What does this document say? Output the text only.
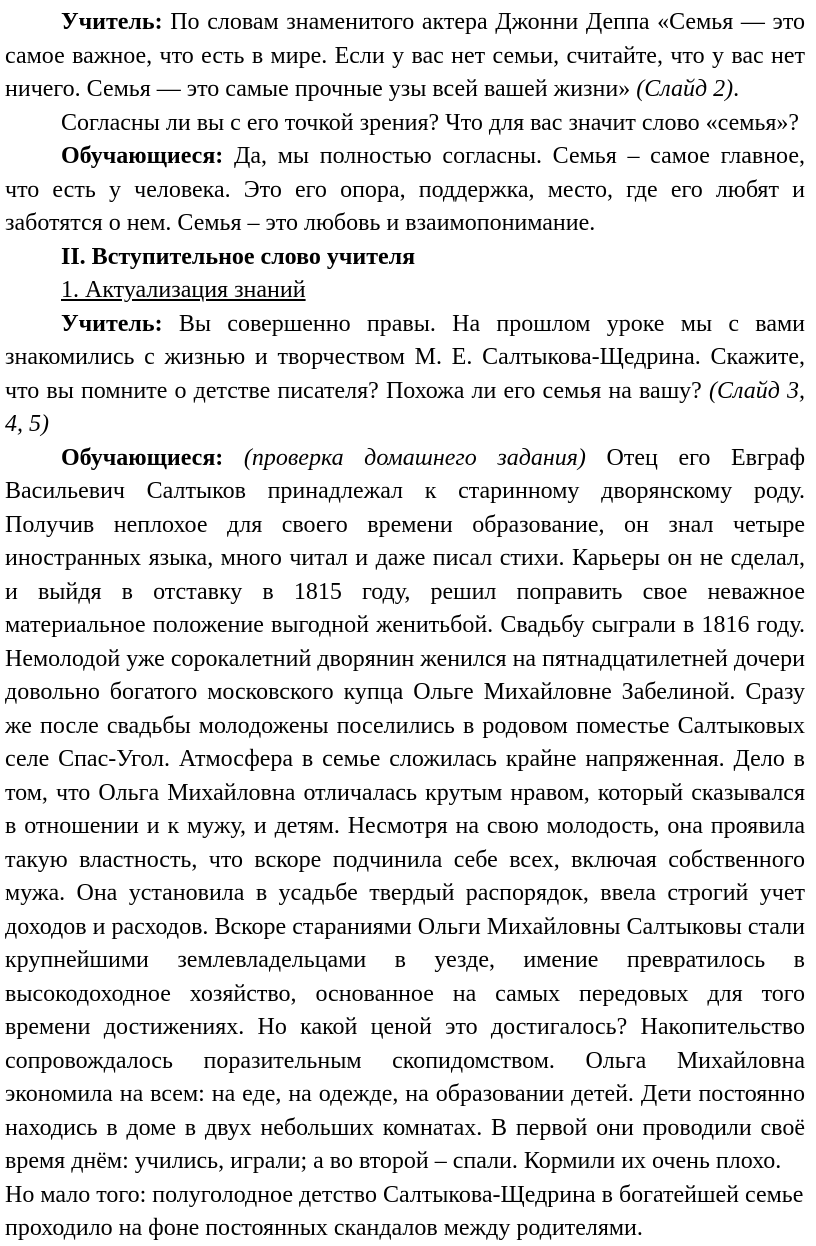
Учитель: По словам знаменитого актера Джонни Деппа «Семья — это самое важное, что есть в мире. Если у вас нет семьи, считайте, что у вас нет ничего. Семья — это самые прочные узы всей вашей жизни» (Слайд 2).

Согласны ли вы с его точкой зрения? Что для вас значит слово «семья»?

Обучающиеся: Да, мы полностью согласны. Семья – самое главное, что есть у человека. Это его опора, поддержка, место, где его любят и заботятся о нем. Семья – это любовь и взаимопонимание.

II. Вступительное слово учителя
1. Актуализация знаний

Учитель: Вы совершенно правы. На прошлом уроке мы с вами знакомились с жизнью и творчеством М. Е. Салтыкова-Щедрина. Скажите, что вы помните о детстве писателя? Похожа ли его семья на вашу? (Слайд 3, 4, 5)

Обучающиеся: (проверка домашнего задания) Отец его Евграф Васильевич Салтыков принадлежал к старинному дворянскому роду. Получив неплохое для своего времени образование, он знал четыре иностранных языка, много читал и даже писал стихи. Карьеры он не сделал, и выйдя в отставку в 1815 году, решил поправить свое неважное материальное положение выгодной женитьбой. Свадьбу сыграли в 1816 году. Немолодой уже сорокалетний дворянин женился на пятнадцатилетней дочери довольно богатого московского купца Ольге Михайловне Забелиной. Сразу же после свадьбы молодожены поселились в родовом поместье Салтыковых селе Спас-Угол. Атмосфера в семье сложилась крайне напряженная. Дело в том, что Ольга Михайловна отличалась крутым нравом, который сказывался в отношении и к мужу, и детям. Несмотря на свою молодость, она проявила такую властность, что вскоре подчинила себе всех, включая собственного мужа. Она установила в усадьбе твердый распорядок, ввела строгий учет доходов и расходов. Вскоре стараниями Ольги Михайловны Салтыковы стали крупнейшими землевладельцами в уезде, имение превратилось в высокодоходное хозяйство, основанное на самых передовых для того времени достижениях. Но какой ценой это достигалось? Накопительство сопровождалось поразительным скопидомством. Ольга Михайловна экономила на всем: на еде, на одежде, на образовании детей. Дети постоянно находись в доме в двух небольших комнатах. В первой они проводили своё время днём: учились, играли; а во второй – спали. Кормили их очень плохо.

Но мало того: полуголодное детство Салтыкова-Щедрина в богатейшей семье проходило на фоне постоянных скандалов между родителями.
